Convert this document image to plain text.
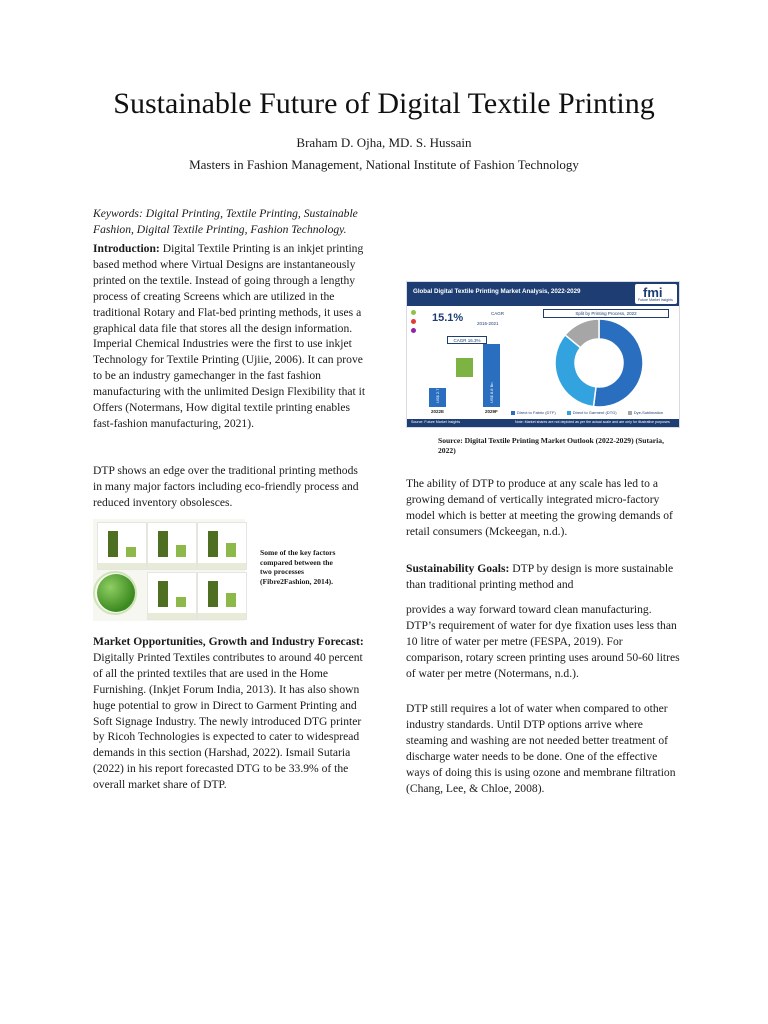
Sustainable Future of Digital Textile Printing
Braham D. Ojha, MD. S. Hussain
Masters in Fashion Management, National Institute of Fashion Technology

Keywords: Digital Printing, Textile Printing, Sustainable Fashion, Digital Textile Printing, Fashion Technology.

Introduction: Digital Textile Printing is an inkjet printing based method where Virtual Designs are instantaneously printed on the textile. Instead of going through a lengthy process of creating Screens which are utilized in the traditional Rotary and Flat-bed printing methods, it uses a graphical data file that stores all the design information. Imperial Chemical Industries were the first to use inkjet Technology for Textile Printing (Ujiie, 2006). It can prove to be an industry gamechanger in the fast fashion manufacturing with the unlimited Design Flexibility that it Offers (Notermans, How digital textile printing enables fast-fashion manufacturing, 2021).

DTP shows an edge over the traditional printing methods in many major factors including eco-friendly process and reduced inventory obsolesces.

Some of the key factors compared between the two processes (Fibre2Fashion, 2014).

Market Opportunities, Growth and Industry Forecast: Digitally Printed Textiles contributes to around 40 percent of all the printed textiles that are used in the Home Furnishing. (Inkjet Forum India, 2013). It has also shown huge potential to grow in Direct to Garment Printing and Soft Signage Industry. The newly introduced DTG printer by Ricoh Technologies is expected to cater to widespread demands in this section (Harshad, 2022). Ismail Sutaria (2022) in his report forecasted DTG to be 33.9% of the overall market share of DTP.

Global Digital Textile Printing Market Analysis, 2022-2029	fmi
Future Market Insights
15.1%	CAGR
2016-2021
Split by Printing Process, 2022
US$ 2.7 Bn	US$ 8.8 Bn
CAGR 16.3%
2022E	2029F	Direct to Fabric (DTF)	Direct to Garment (DTG)	Dye-Sublimation
Source: Future Market Insights	Note: Market shares are not depicted as per the actual scale and are only for illustrative purposes
Source: Digital Textile Printing Market Outlook (2022-2029) (Sutaria, 2022)

The ability of DTP to produce at any scale has led to a growing demand of vertically integrated micro-factory model which is better at meeting the growing demands of retail consumers (Mckeegan, n.d.).

Sustainability Goals: DTP by design is more sustainable than traditional printing method and

provides a way forward toward clean manufacturing. DTP’s requirement of water for dye fixation uses less than 10 litre of water per metre (FESPA, 2019). For comparison, rotary screen printing uses around 50-60 litres of water per metre (Notermans, n.d.).

DTP still requires a lot of water when compared to other industry standards. Until DTP options arrive where steaming and washing are not needed better treatment of discharge water needs to be done. One of the effective ways of doing this is using ozone and membrane filtration (Chang, Lee, & Chloe, 2008).
